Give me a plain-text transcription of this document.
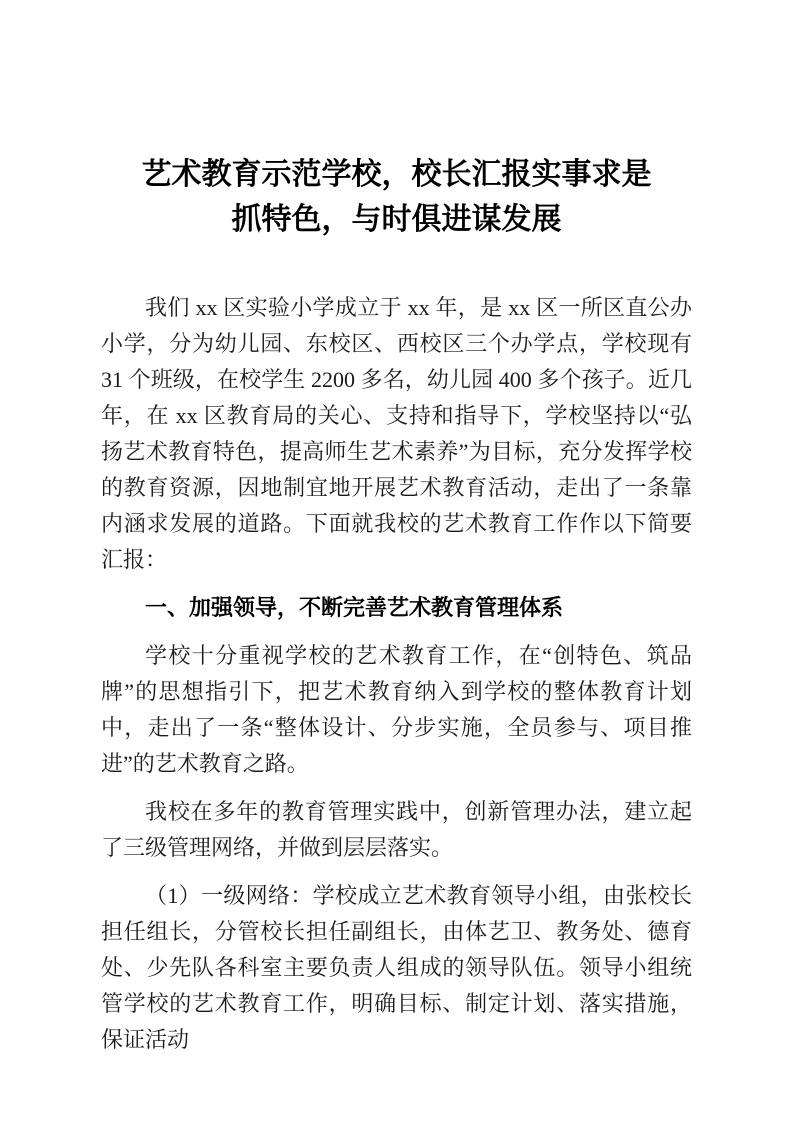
艺术教育示范学校，校长汇报实事求是
抓特色，与时俱进谋发展

我们 xx 区实验小学成立于 xx 年，是 xx 区一所区直公办小学，分为幼儿园、东校区、西校区三个办学点，学校现有 31 个班级，在校学生 2200 多名，幼儿园 400 多个孩子。近几年，在 xx 区教育局的关心、支持和指导下，学校坚持以“弘扬艺术教育特色，提高师生艺术素养”为目标，充分发挥学校的教育资源，因地制宜地开展艺术教育活动，走出了一条靠内涵求发展的道路。下面就我校的艺术教育工作作以下简要汇报：

一、加强领导，不断完善艺术教育管理体系

学校十分重视学校的艺术教育工作，在“创特色、筑品牌”的思想指引下，把艺术教育纳入到学校的整体教育计划中，走出了一条“整体设计、分步实施，全员参与、项目推进”的艺术教育之路。

我校在多年的教育管理实践中，创新管理办法，建立起了三级管理网络，并做到层层落实。

（1）一级网络：学校成立艺术教育领导小组，由张校长担任组长，分管校长担任副组长，由体艺卫、教务处、德育处、少先队各科室主要负责人组成的领导队伍。领导小组统管学校的艺术教育工作，明确目标、制定计划、落实措施，保证活动
